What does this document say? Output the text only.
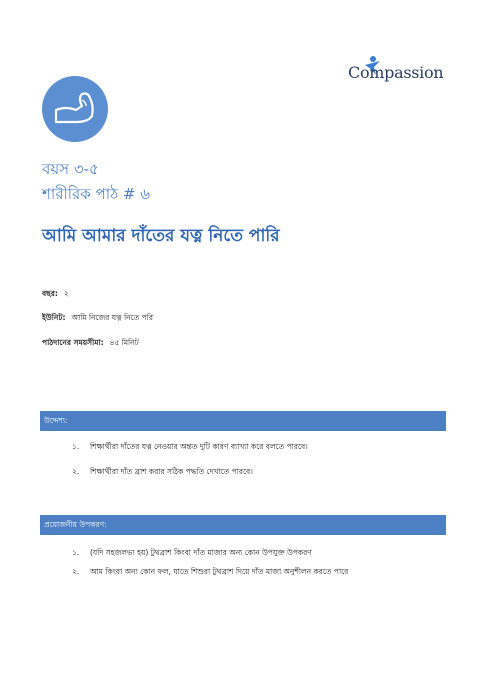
Compassion
বয়স ৩-৫
শারীরিক পাঠ # ৬
আমি আমার দাঁতের যত্ন নিতে পারি
বছর: ২
ইউনিট: আমি নিজের যত্ন নিতে পরি
পাঠদানের সময়সীমা: ৪৫ মিনিট
উদ্দেশ্য:
১. শিক্ষার্থীরা দাঁতের যত্ন নেওয়ার অন্তত দুটি কারণ ব্যাখ্যা করে বলতে পারবে।
২. শিক্ষার্থীরা দাঁত ব্রাশ করার সঠিক পদ্ধতি দেখাতে পারবে।
প্রয়োজনীয় উপকরণ:
১. (যদি সহজলভ্য হয়) টুথব্রাশ কিংবা দাঁত মাজার অন্য কোন উপযুক্ত উপকরণ
২. আম কিংবা অন্য কোন ফল, যাতে শিশুরা টুথব্রাশ দিয়ে দাঁত মাজা অনুশীলন করতে পারে
